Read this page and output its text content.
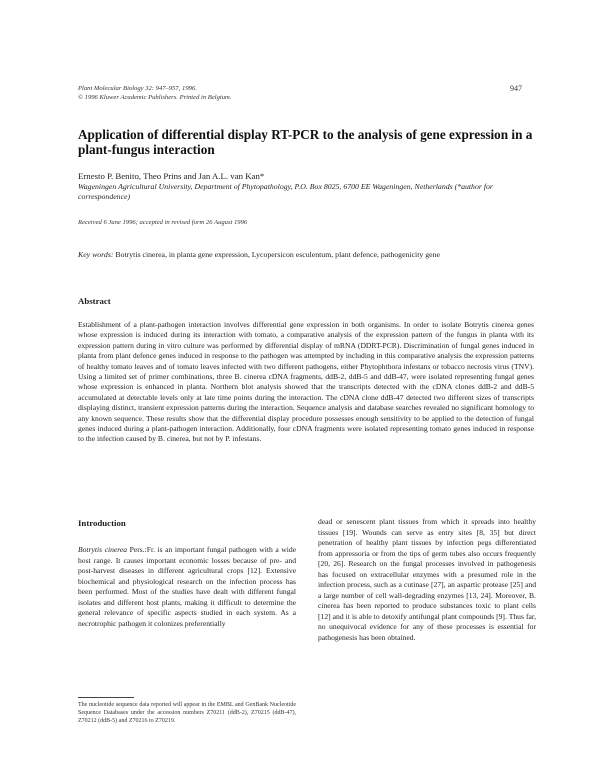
Plant Molecular Biology 32: 947–957, 1996.
© 1996 Kluwer Academic Publishers. Printed in Belgium.
947
Application of differential display RT-PCR to the analysis of gene expression in a plant-fungus interaction
Ernesto P. Benito, Theo Prins and Jan A.L. van Kan*
Wageningen Agricultural University, Department of Phytopathology, P.O. Box 8025, 6700 EE Wageningen, Netherlands (*author for correspondence)
Received 6 June 1996; accepted in revised form 26 August 1996
Key words: Botrytis cinerea, in planta gene expression, Lycopersicon esculentum, plant defence, pathogenicity gene
Abstract
Establishment of a plant-pathogen interaction involves differential gene expression in both organisms. In order to isolate Botrytis cinerea genes whose expression is induced during its interaction with tomato, a comparative analysis of the expression pattern of the fungus in planta with its expression pattern during in vitro culture was performed by differential display of mRNA (DDRT-PCR). Discrimination of fungal genes induced in planta from plant defence genes induced in response to the pathogen was attempted by including in this comparative analysis the expression patterns of healthy tomato leaves and of tomato leaves infected with two different pathogens, either Phytophthora infestans or tobacco necrosis virus (TNV). Using a limited set of primer combinations, three B. cinerea cDNA fragments, ddB-2, ddB-5 and ddB-47, were isolated representing fungal genes whose expression is enhanced in planta. Northern blot analysis showed that the transcripts detected with the cDNA clones ddB-2 and ddB-5 accumulated at detectable levels only at late time points during the interaction. The cDNA clone ddB-47 detected two different sizes of transcripts displaying distinct, transient expression patterns during the interaction. Sequence analysis and database searches revealed no significant homology to any known sequence. These results show that the differential display procedure possesses enough sensitivity to be applied to the detection of fungal genes induced during a plant-pathogen interaction. Additionally, four cDNA fragments were isolated representing tomato genes induced in response to the infection caused by B. cinerea, but not by P. infestans.
Introduction
Botrytis cinerea Pers.:Fr. is an important fungal pathogen with a wide host range. It causes important economic losses because of pre- and post-harvest diseases in different agricultural crops [12]. Extensive biochemical and physiological research on the infection process has been performed. Most of the studies have dealt with different fungal isolates and different host plants, making it difficult to determine the general relevance of specific aspects studied in each system. As a necrotrophic pathogen it colonizes preferentially
dead or senescent plant tissues from which it spreads into healthy tissues [19]. Wounds can serve as entry sites [8, 35] but direct penetration of healthy plant tissues by infection pegs differentiated from appressoria or from the tips of germ tubes also occurs frequently [20, 26]. Research on the fungal processes involved in pathogenesis has focused on extracellular enzymes with a presumed role in the infection process, such as a cutinase [27], an aspartic protease [25] and a large number of cell wall-degrading enzymes [13, 24]. Moreover, B. cinerea has been reported to produce substances toxic to plant cells [12] and it is able to detoxify antifungal plant compounds [9]. Thus far, no unequivocal evidence for any of these processes is essential for pathogenesis has been obtained.
The nucleotide sequence data reported will appear in the EMBL and GenBank Nucleotide Sequence Databases under the accession numbers Z70211 (ddB-2), Z70215 (ddB-47), Z70212 (ddB-5) and Z70216 to Z70219.
